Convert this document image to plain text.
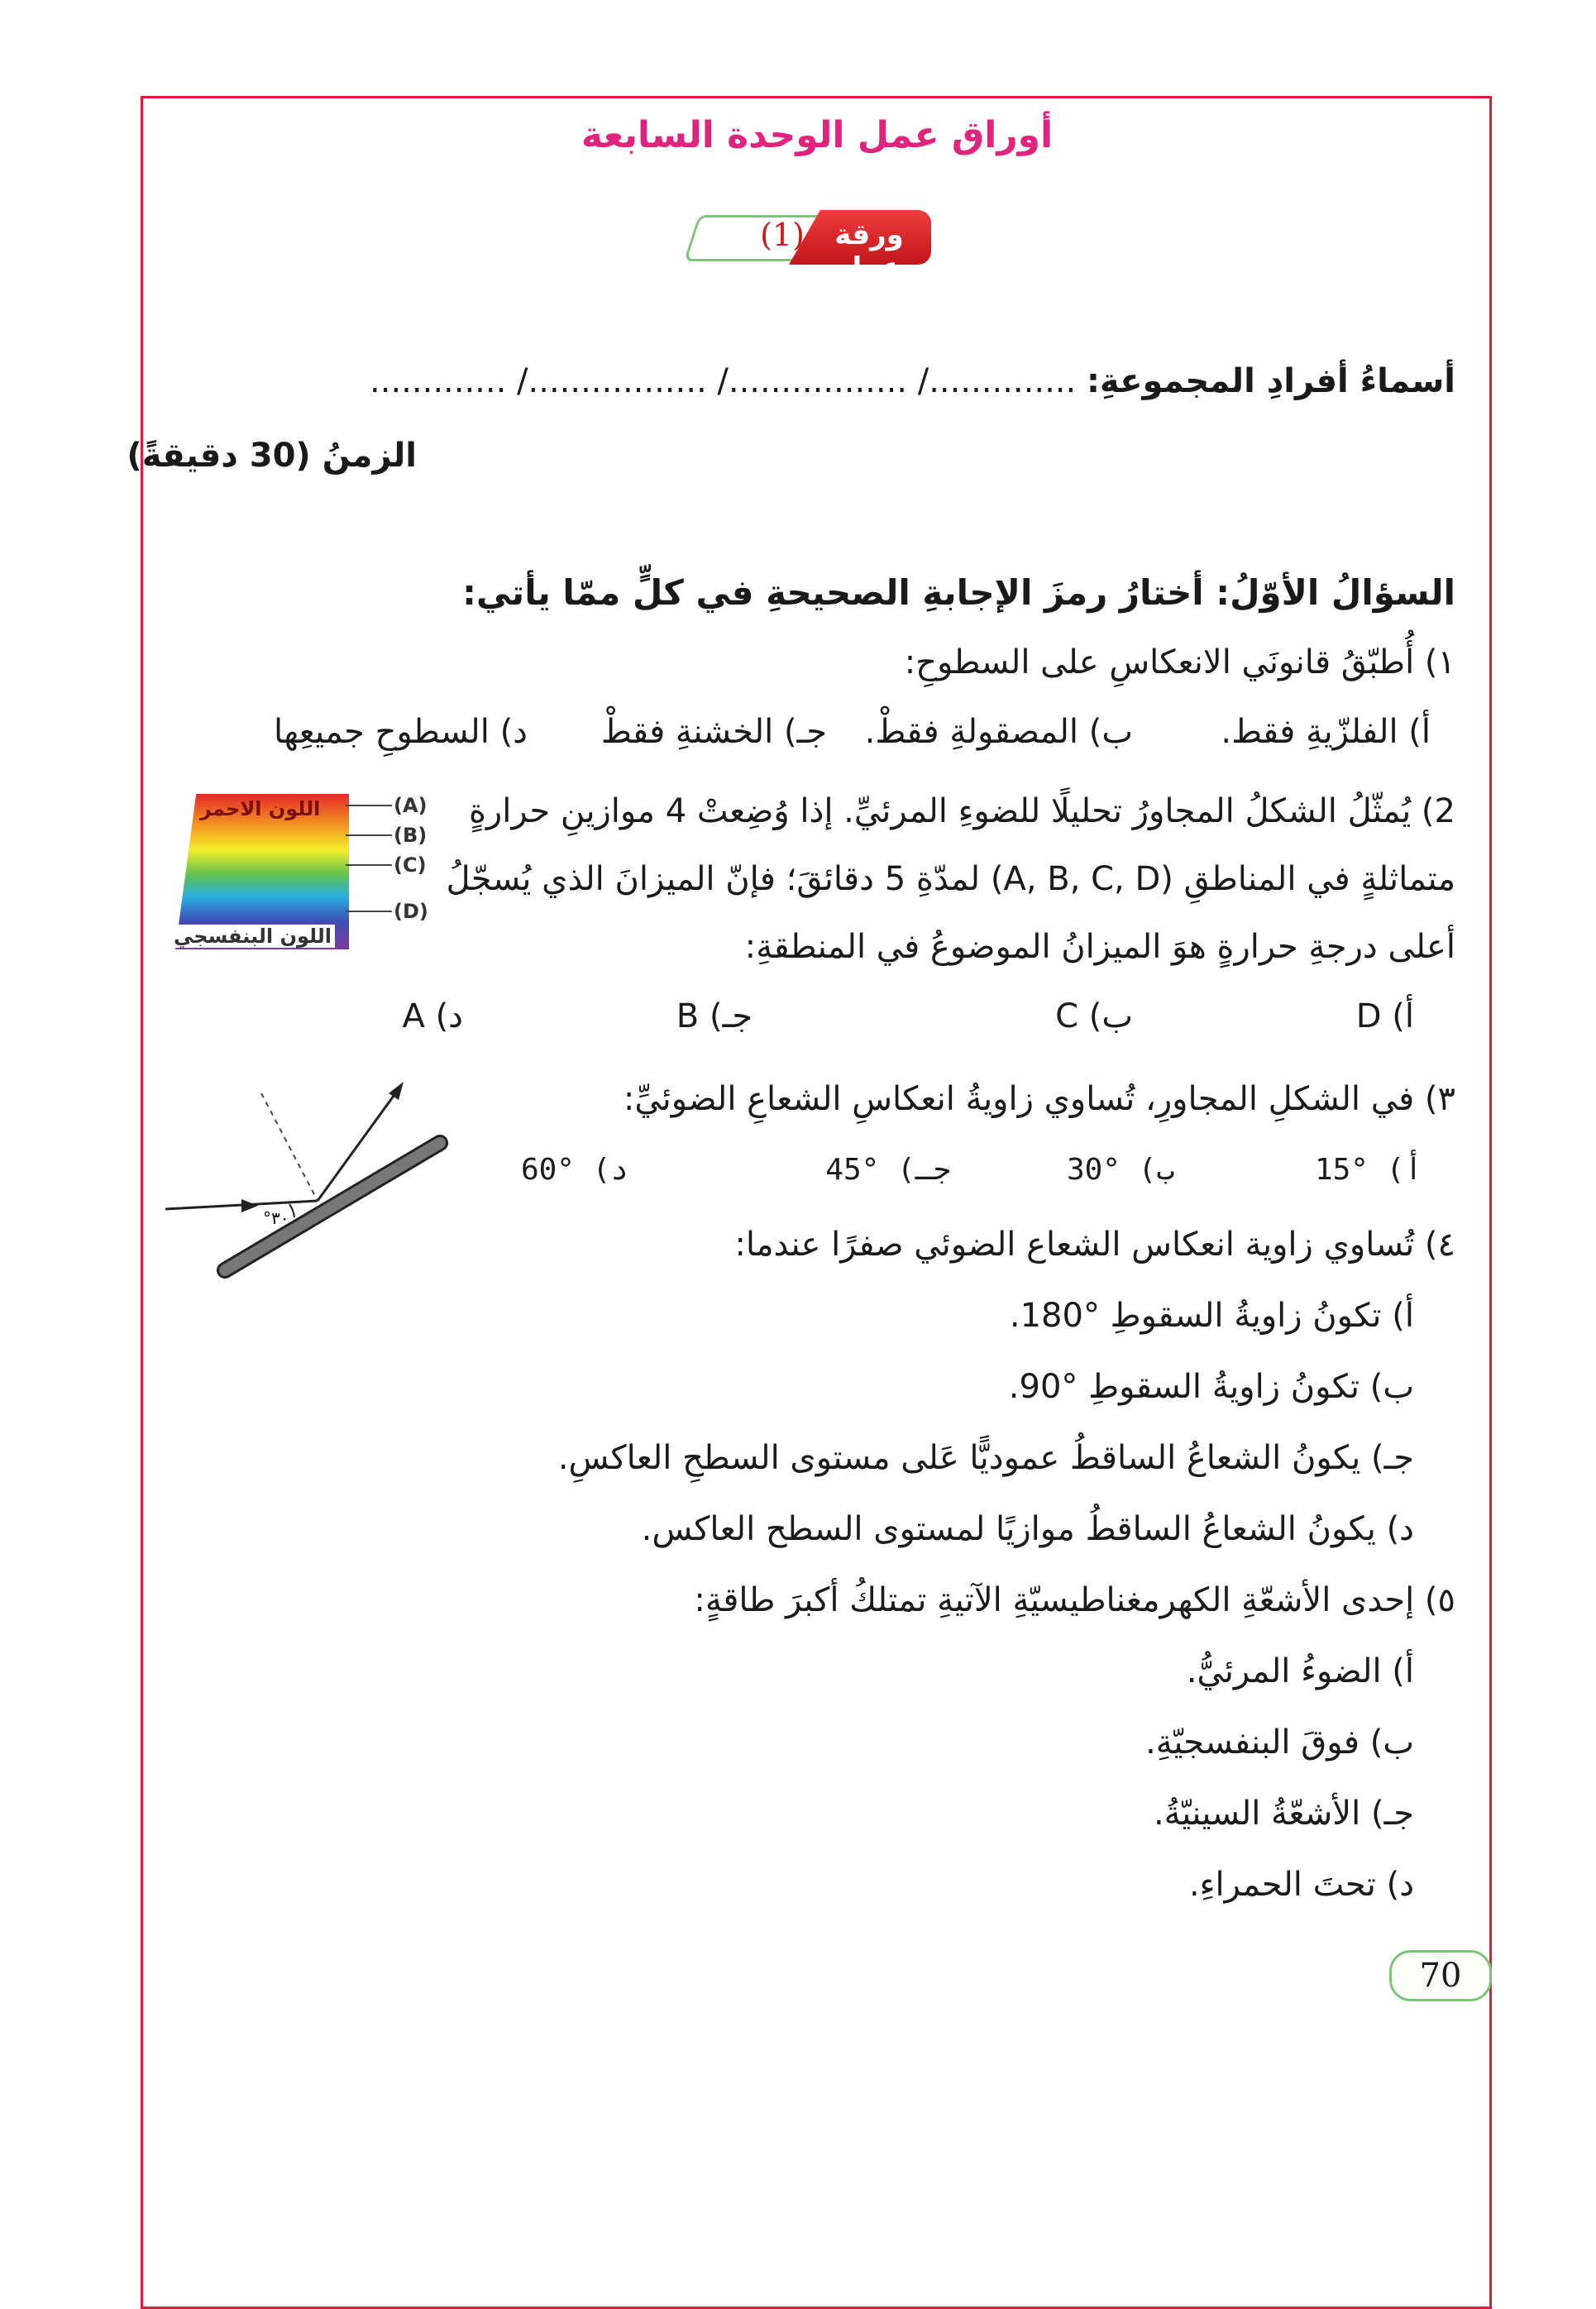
أوراق عمل الوحدة السابعة
(1)	ورقة عمل
أسماءُ أفرادِ المجموعةِ: ............../ ................./ ................./ .............
الزمنُ (30 دقيقةً)
السؤالُ الأوّلُ: أختارُ رمزَ الإجابةِ الصحيحةِ في كلٍّ ممّا يأتي:
١) أُطبّقُ قانونَي الانعكاسِ على السطوحِ:
أ) الفلزّيةِ فقط.
ب) المصقولةِ فقطْ.
جـ) الخشنةِ فقطْ
د) السطوحِ جميعِها
2) يُمثّلُ الشكلُ المجاورُ تحليلًا للضوءِ المرئيِّ. إذا وُضِعتْ 4 موازينِ حرارةٍ
متماثلةٍ في المناطقِ (A, B, C, D) لمدّةِ 5 دقائقَ؛ فإنّ الميزانَ الذي يُسجّلُ
أعلى درجةِ حرارةٍ هوَ الميزانُ الموضوعُ في المنطقةِ:
اللون الاحمر
اللون البنفسجي
(A)
(B)
(C)
(D)
أ) D
ب) C
جـ) B
د) A
٣) في الشكلِ المجاورِ، تُساوي زاويةُ انعكاسِ الشعاعِ الضوئيِّ:
أ) °15
ب) °30
جـ) °45
د) °60
°٣٠
٤) تُساوي زاوية انعكاس الشعاع الضوئي صفرًا عندما:
أ) تكونُ زاويةُ السقوطِ °180.
ب) تكونُ زاويةُ السقوطِ °90.
جـ) يكونُ الشعاعُ الساقطُ عموديًّا عَلى مستوى السطحِ العاكسِ.
د) يكونُ الشعاعُ الساقطُ موازيًا لمستوى السطح العاكس.
٥) إحدى الأشعّةِ الكهرمغناطيسيّةِ الآتيةِ تمتلكُ أكبرَ طاقةٍ:
أ) الضوءُ المرئيُّ.
ب) فوقَ البنفسجيّةِ.
جـ) الأشعّةُ السينيّةُ.
د) تحتَ الحمراءِ.
70
